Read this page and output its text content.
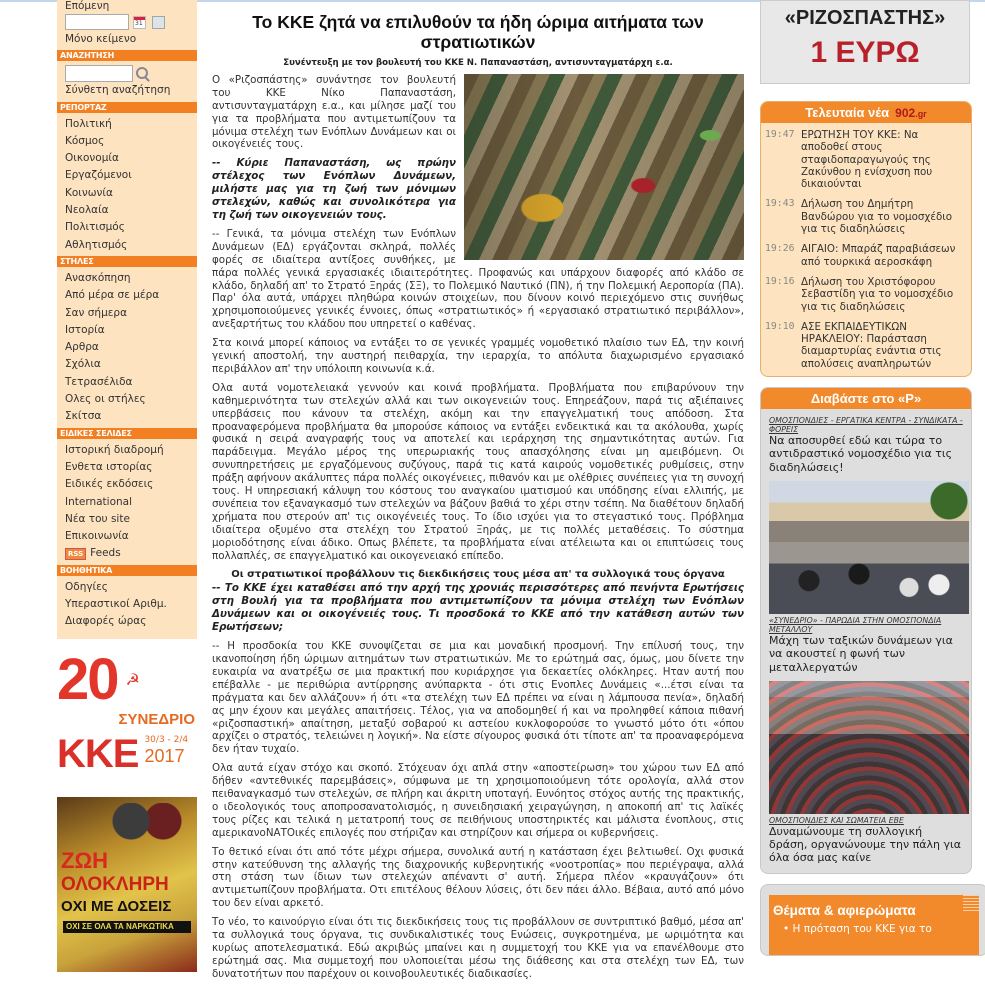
Επόμενη
31
Μόνο κείμενο
ΑΝΑΖΗΤΗΣΗ
Σύνθετη αναζήτηση
ΡΕΠΟΡΤΑΖ
Πολιτική
Κόσμος
Οικονομία
Εργαζόμενοι
Κοινωνία
Νεολαία
Πολιτισμός
Αθλητισμός
ΣΤΗΛΕΣ
Ανασκόπηση
Από μέρα σε μέρα
Σαν σήμερα
Ιστορία
Αρθρα
Σχόλια
Τετρασέλιδα
Ολες οι στήλες
Σκίτσα
ΕΙΔΙΚΕΣ ΣΕΛΙΔΕΣ
Ιστορική διαδρομή
Ενθετα ιστορίας
Ειδικές εκδόσεις
International
Νέα του site
Επικοινωνία
RSS Feeds
ΒΟΗΘΗΤΙΚΑ
Οδηγίες
Υπεραστικοί Αριθμ.
Διαφορές ώρας
20 ☭
ΣΥΝΕΔΡΙΟ
ΚΚΕ 30/3 - 2/4
2017
ΖΩΗ
ΟΛΟΚΛΗΡΗ
ΟΧΙ ΜΕ ΔΟΣΕΙΣ
ΟΧΙ ΣΕ ΟΛΑ ΤΑ ΝΑΡΚΩΤΙΚΑ
Το ΚΚΕ ζητά να επιλυθούν τα ήδη ώριμα αιτήματα των στρατιωτικών
Συνέντευξη με τον βουλευτή του ΚΚΕ Ν. Παπαναστάση, αντισυνταγματάρχη ε.α.

Ο «Ριζοσπάστης» συνάντησε τον βουλευτή του ΚΚΕ Νίκο Παπαναστάση, αντισυνταγματάρχη ε.α., και μίλησε μαζί του για τα προβλήματα που αντιμετωπίζουν τα μόνιμα στελέχη των Ενόπλων Δυνάμεων και οι οικογένειές τους.

-- Κύριε Παπαναστάση, ως πρώην στέλεχος των Ενόπλων Δυνάμεων, μιλήστε μας για τη ζωή των μόνιμων στελεχών, καθώς και συνολικότερα για τη ζωή των οικογενειών τους.

-- Γενικά, τα μόνιμα στελέχη των Ενόπλων Δυνάμεων (ΕΔ) εργάζονται σκληρά, πολλές φορές σε ιδιαίτερα αντίξοες συνθήκες, με πάρα πολλές γενικά εργασιακές ιδιαιτερότητες. Προφανώς και υπάρχουν διαφορές από κλάδο σε κλάδο, δηλαδή απ' το Στρατό Ξηράς (ΣΞ), το Πολεμικό Ναυτικό (ΠΝ), ή την Πολεμική Αεροπορία (ΠΑ). Παρ' όλα αυτά, υπάρχει πληθώρα κοινών στοιχείων, που δίνουν κοινό περιεχόμενο στις συνήθως χρησιμοποιούμενες γενικές έννοιες, όπως «στρατιωτικός» ή «εργασιακό στρατιωτικό περιβάλλον», ανεξαρτήτως του κλάδου που υπηρετεί ο καθένας.

Στα κοινά μπορεί κάποιος να εντάξει το σε γενικές γραμμές νομοθετικό πλαίσιο των ΕΔ, την κοινή γενική αποστολή, την αυστηρή πειθαρχία, την ιεραρχία, το απόλυτα διαχωρισμένο εργασιακό περιβάλλον απ' την υπόλοιπη κοινωνία κ.ά.

Ολα αυτά νομοτελειακά γεννούν και κοινά προβλήματα. Προβλήματα που επιβαρύνουν την καθημερινότητα των στελεχών αλλά και των οικογενειών τους. Επηρεάζουν, παρά τις αξιέπαινες υπερβάσεις που κάνουν τα στελέχη, ακόμη και την επαγγελματική τους απόδοση. Στα προαναφερόμενα προβλήματα θα μπορούσε κάποιος να εντάξει ενδεικτικά και τα ακόλουθα, χωρίς φυσικά η σειρά αναγραφής τους να αποτελεί και ιεράρχηση της σημαντικότητας αυτών. Για παράδειγμα. Μεγάλο μέρος της υπερωριακής τους απασχόλησης είναι μη αμειβόμενη. Οι συνυπηρετήσεις με εργαζόμενους συζύγους, παρά τις κατά καιρούς νομοθετικές ρυθμίσεις, στην πράξη αφήνουν ακάλυπτες πάρα πολλές οικογένειες, πιθανόν και με ολέθριες συνέπειες για τη συνοχή τους. Η υπηρεσιακή κάλυψη του κόστους του αναγκαίου ιματισμού και υπόδησης είναι ελλιπής, με συνέπεια τον εξαναγκασμό των στελεχών να βάζουν βαθιά το χέρι στην τσέπη. Να διαθέτουν δηλαδή χρήματα που στερούν απ' τις οικογένειές τους. Το ίδιο ισχύει για το στεγαστικό τους. Πρόβλημα ιδιαίτερα οξυμένο στα στελέχη του Στρατού Ξηράς, με τις πολλές μεταθέσεις. Το σύστημα μοριοδότησης είναι άδικο. Οπως βλέπετε, τα προβλήματα είναι ατέλειωτα και οι επιπτώσεις τους πολλαπλές, σε επαγγελματικό και οικογενειακό επίπεδο.

Οι στρατιωτικοί προβάλλουν τις διεκδικήσεις τους μέσα απ' τα συλλογικά τους όργανα

-- Το ΚΚΕ έχει καταθέσει από την αρχή της χρονιάς περισσότερες από πενήντα Ερωτήσεις στη Βουλή για τα προβλήματα που αντιμετωπίζουν τα μόνιμα στελέχη των Ενόπλων Δυνάμεων και οι οικογένειές τους. Τι προσδοκά το ΚΚΕ από την κατάθεση αυτών των Ερωτήσεων;

-- Η προσδοκία του ΚΚΕ συνοψίζεται σε μια και μοναδική προσμονή. Την επίλυσή τους, την ικανοποίηση ήδη ώριμων αιτημάτων των στρατιωτικών. Με το ερώτημά σας, όμως, μου δίνετε την ευκαιρία να ανατρέξω σε μια πρακτική που κυριάρχησε για δεκαετίες ολόκληρες. Ηταν αυτή που επέβαλλε - με περιθώρια αντίρρησης ανύπαρκτα - ότι στις Ενοπλες Δυνάμεις «...έτσι είναι τα πράγματα και δεν αλλάζουν» ή ότι «τα στελέχη των ΕΔ πρέπει να είναι η λάμπουσα πενία», δηλαδή ας μην έχουν και μεγάλες απαιτήσεις. Τέλος, για να αποδομηθεί ή και να προληφθεί κάποια πιθανή «ριζοσπαστική» απαίτηση, μεταξύ σοβαρού κι αστείου κυκλοφορούσε το γνωστό μότο ότι «όπου αρχίζει ο στρατός, τελειώνει η λογική». Να είστε σίγουρος φυσικά ότι τίποτε απ' τα προαναφερόμενα δεν ήταν τυχαίο.

Ολα αυτά είχαν στόχο και σκοπό. Στόχευαν όχι απλά στην «αποστείρωση» του χώρου των ΕΔ από δήθεν «αντεθνικές παρεμβάσεις», σύμφωνα με τη χρησιμοποιούμενη τότε ορολογία, αλλά στον πειθαναγκασμό των στελεχών, σε πλήρη και άκριτη υποταγή. Ευνόητος στόχος αυτής της πρακτικής, ο ιδεολογικός τους αποπροσανατολισμός, η συνειδησιακή χειραγώγηση, η αποκοπή απ' τις λαϊκές τους ρίζες και τελικά η μετατροπή τους σε πειθήνιους υποστηρικτές και μάλιστα ένοπλους, στις αμερικανοΝΑΤΟικές επιλογές που στήριζαν και στηρίζουν και σήμερα οι κυβερνήσεις.

Το θετικό είναι ότι από τότε μέχρι σήμερα, συνολικά αυτή η κατάσταση έχει βελτιωθεί. Οχι φυσικά στην κατεύθυνση της αλλαγής της διαχρονικής κυβερνητικής «νοοτροπίας» που περιέγραψα, αλλά στη στάση των ίδιων των στελεχών απέναντι σ' αυτή. Σήμερα πλέον «κραυγάζουν» ότι αντιμετωπίζουν προβλήματα. Οτι επιτέλους θέλουν λύσεις, ότι δεν πάει άλλο. Βέβαια, αυτό από μόνο του δεν είναι αρκετό.

Το νέο, το καινούργιο είναι ότι τις διεκδικήσεις τους τις προβάλλουν σε συντριπτικό βαθμό, μέσα απ' τα συλλογικά τους όργανα, τις συνδικαλιστικές τους Ενώσεις, συγκροτημένα, με ωριμότητα και κυρίως αποτελεσματικά. Εδώ ακριβώς μπαίνει και η συμμετοχή του ΚΚΕ για να επανέλθουμε στο ερώτημά σας. Μια συμμετοχή που υλοποιείται μέσω της διάθεσης και στα στελέχη των ΕΔ, των δυνατοτήτων που παρέχουν οι κοινοβουλευτικές διαδικασίες.

«ΡΙΖΟΣΠΑΣΤΗΣ»
1 ΕΥΡΩ
Τελευταία νέα 902.gr
19:47 ΕΡΩΤΗΣΗ ΤΟΥ ΚΚΕ: Να αποδοθεί στους σταφιδοπαραγωγούς της Ζακύνθου η ενίσχυση που δικαιούνται
19:43 Δήλωση του Δημήτρη Βανδώρου για το νομοσχέδιο για τις διαδηλώσεις
19:26 ΑΙΓΑΙΟ: Μπαράζ παραβιάσεων από τουρκικά αεροσκάφη
19:16 Δήλωση του Χριστόφορου Σεβαστίδη για το νομοσχέδιο για τις διαδηλώσεις
19:10 ΑΣΕ ΕΚΠΑΙΔΕΥΤΙΚΩΝ ΗΡΑΚΛΕΙΟΥ: Παράσταση διαμαρτυρίας ενάντια στις απολύσεις αναπληρωτών
Διαβάστε στο «Ρ»
ΟΜΟΣΠΟΝΔΙΕΣ - ΕΡΓΑΤΙΚΑ ΚΕΝΤΡΑ - ΣΥΝΔΙΚΑΤΑ - ΦΟΡΕΙΣ
Να αποσυρθεί εδώ και τώρα το αντιδραστικό νομοσχέδιο για τις διαδηλώσεις!
«ΣΥΝΕΔΡΙΟ» - ΠΑΡΩΔΙΑ ΣΤΗΝ ΟΜΟΣΠΟΝΔΙΑ ΜΕΤΑΛΛΟΥ
Μάχη των ταξικών δυνάμεων για να ακουστεί η φωνή των μεταλλεργατών
ΟΜΟΣΠΟΝΔΙΕΣ ΚΑΙ ΣΩΜΑΤΕΙΑ ΕΒΕ
Δυναμώνουμε τη συλλογική δράση, οργανώνουμε την πάλη για όλα όσα μας καίνε
Θέματα & αφιερώματα
• Η πρόταση του ΚΚΕ για το
